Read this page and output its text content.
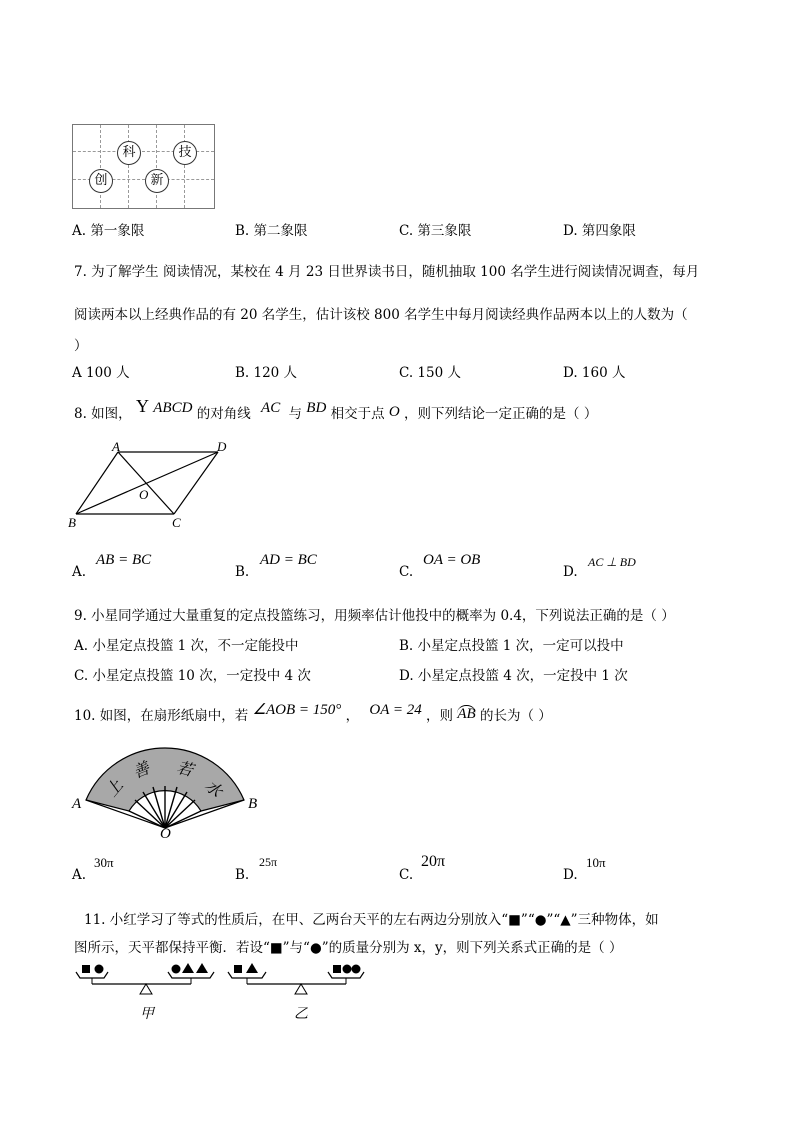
科	技
创	新
A. 第一象限	B. 第二象限	C. 第三象限	D. 第四象限
7. 为了解学生 阅读情况，某校在 4 月 23 日世界读书日，随机抽取 100 名学生进行阅读情况调查，每月
阅读两本以上经典作品的有 20 名学生，估计该校 800 名学生中每月阅读经典作品两本以上的人数为（
）
A 100 人	B. 120 人	C. 150 人	D. 160 人
8. 如图， Y ABCD 的对角线 AC 与 BD 相交于点 O ，则下列结论一定正确的是（ ）
A	D
B	C
O
A.
AB = BC
B.
AD = BC
C.
OA = OB
D.
AC ⊥ BD
9. 小星同学通过大量重复的定点投篮练习，用频率估计他投中的概率为 0.4，下列说法正确的是（ ）
A. 小星定点投篮 1 次，不一定能投中	B. 小星定点投篮 1 次，一定可以投中
C. 小星定点投篮 10 次，一定投中 4 次	D. 小星定点投篮 4 次，一定投中 1 次
10. 如图，在扇形纸扇中，若 ∠AOB = 150° ， OA = 24 ，则 AB 的长为（ ）
上
善 若
水
A	B
O
A.
30π
B.
25π
C.
20π
D.
10π
11. 小红学习了等式的性质后，在甲、乙两台天平的左右两边分别放入“■”“●”“▲”三种物体，如
图所示，天平都保持平衡．若设“■”与“●”的质量分别为 x，y，则下列关系式正确的是（ ）
甲	乙
